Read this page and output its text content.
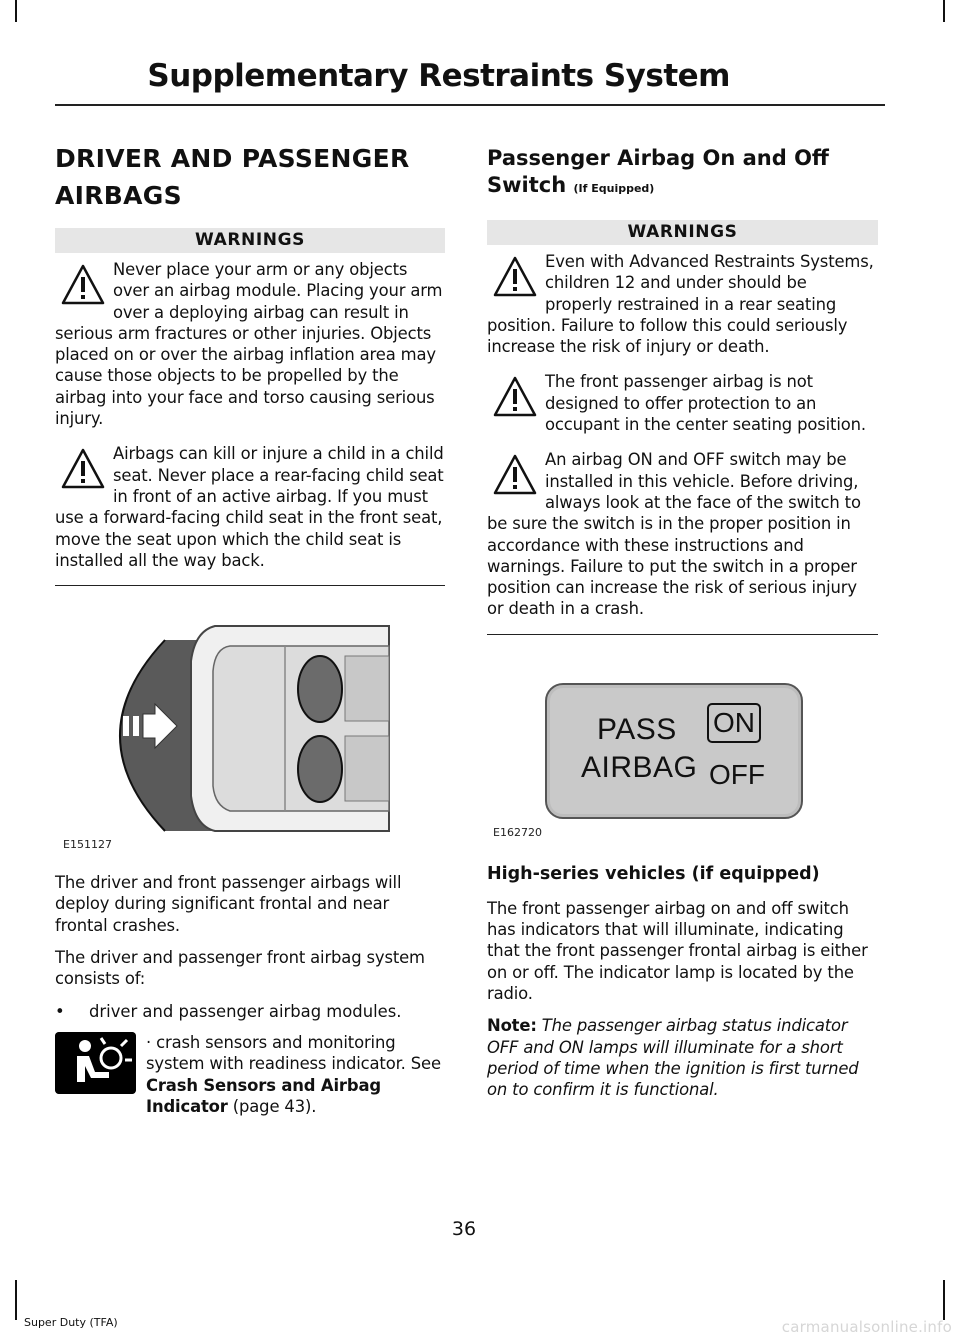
Supplementary Restraints System
DRIVER AND PASSENGER AIRBAGS
WARNINGS
Never place your arm or any objects over an airbag module. Placing your arm over a deploying airbag can result in serious arm fractures or other injuries. Objects placed on or over the airbag inflation area may cause those objects to be propelled by the airbag into your face and torso causing serious injury.
Airbags can kill or injure a child in a child seat. Never place a rear-facing child seat in front of an active airbag. If you must use a forward-facing child seat in the front seat, move the seat upon which the child seat is installed all the way back.
E151127

The driver and front passenger airbags will deploy during significant frontal and near frontal crashes.

The driver and passenger front airbag system consists of:

•	driver and passenger airbag modules.
· crash sensors and monitoring system with readiness indicator. See Crash Sensors and Airbag Indicator (page 43).
Passenger Airbag On and Off Switch (If Equipped)
WARNINGS
Even with Advanced Restraints Systems, children 12 and under should be properly restrained in a rear seating position. Failure to follow this could seriously increase the risk of injury or death.
The front passenger airbag is not designed to offer protection to an occupant in the center seating position.
An airbag ON and OFF switch may be installed in this vehicle. Before driving, always look at the face of the switch to be sure the switch is in the proper position in accordance with these instructions and warnings. Failure to put the switch in a proper position can increase the risk of serious injury or death in a crash.
PASS
AIRBAG
ON
OFF
E162720
High-series vehicles (if equipped)

The front passenger airbag on and off switch has indicators that will illuminate, indicating that the front passenger frontal airbag is either on or off. The indicator lamp is located by the radio.

Note: The passenger airbag status indicator OFF and ON lamps will illuminate for a short period of time when the ignition is first turned on to confirm it is functional.

36
Super Duty (TFA)	carmanualsonline.info
